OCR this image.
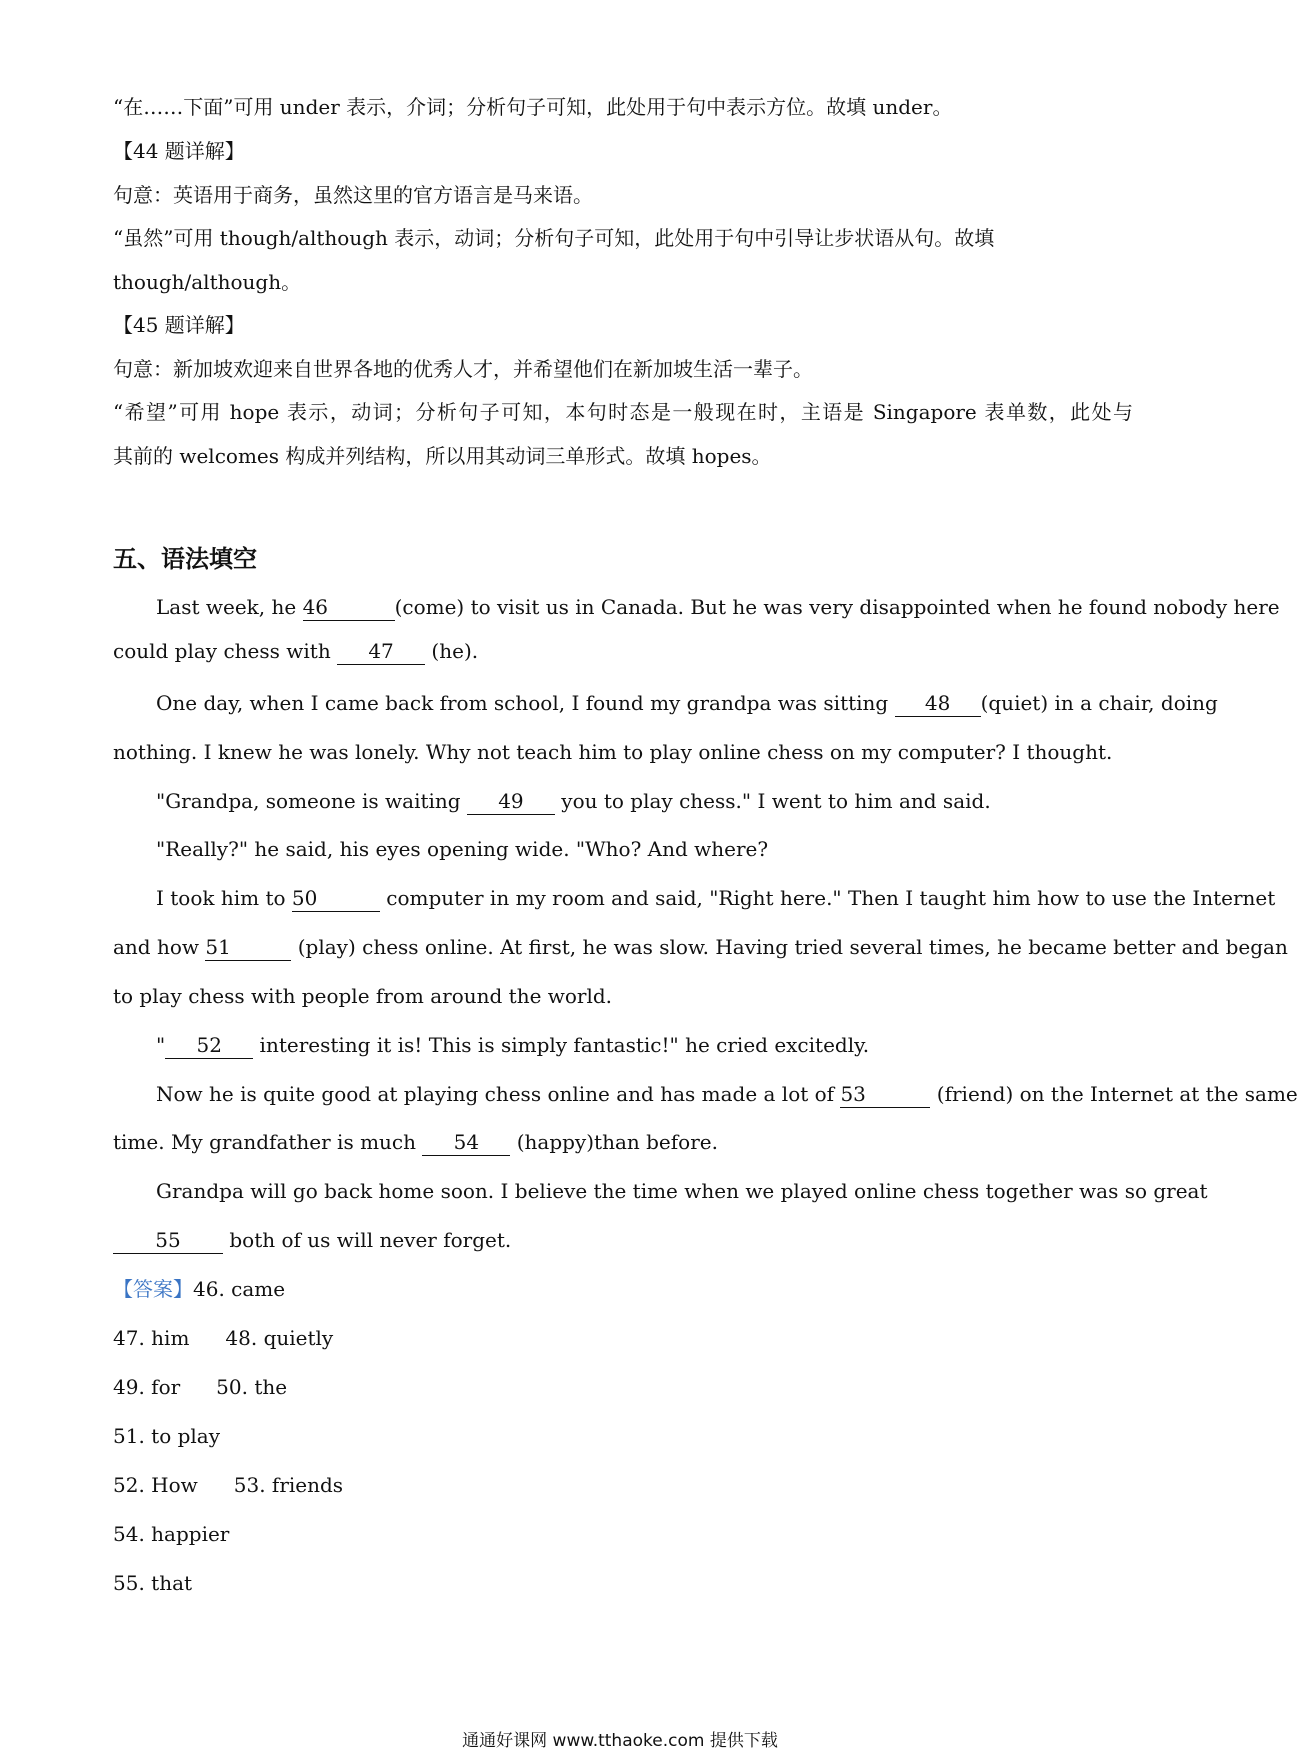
“在……下面”可用 under 表示，介词；分析句子可知，此处用于句中表示方位。故填 under。
【44 题详解】
句意：英语用于商务，虽然这里的官方语言是马来语。
“虽然”可用 though/although 表示，动词；分析句子可知，此处用于句中引导让步状语从句。故填
though/although。
【45 题详解】
句意：新加坡欢迎来自世界各地的优秀人才，并希望他们在新加坡生活一辈子。
“希望”可用 hope 表示，动词；分析句子可知，本句时态是一般现在时，主语是 Singapore 表单数，此处与
其前的 welcomes 构成并列结构，所以用其动词三单形式。故填 hopes。
五、语法填空
Last week, he 46	(come) to visit us in Canada. But he was very disappointed when he found nobody here
could play chess with 47 (he).
One day, when I came back from school, I found my grandpa was sitting 48 (quiet) in a chair, doing
nothing. I knew he was lonely. Why not teach him to play online chess on my computer? I thought.
"Grandpa, someone is waiting 49 you to play chess." I went to him and said.
"Really?" he said, his eyes opening wide. "Who? And where?
I took him to 50	computer in my room and said, "Right here." Then I taught him how to use the Internet
and how 51	(play) chess online. At first, he was slow. Having tried several times, he became better and began
to play chess with people from around the world.
" 52 interesting it is! This is simply fantastic!" he cried excitedly.
Now he is quite good at playing chess online and has made a lot of 53	(friend) on the Internet at the same
time. My grandfather is much 54 (happy)than before.
Grandpa will go back home soon. I believe the time when we played online chess together was so great
55 both of us will never forget.
【答案】46. came
47. him 48. quietly
49. for 50. the
51. to play
52. How 53. friends
54. happier
55. that
通通好课网 www.tthaoke.com 提供下载
